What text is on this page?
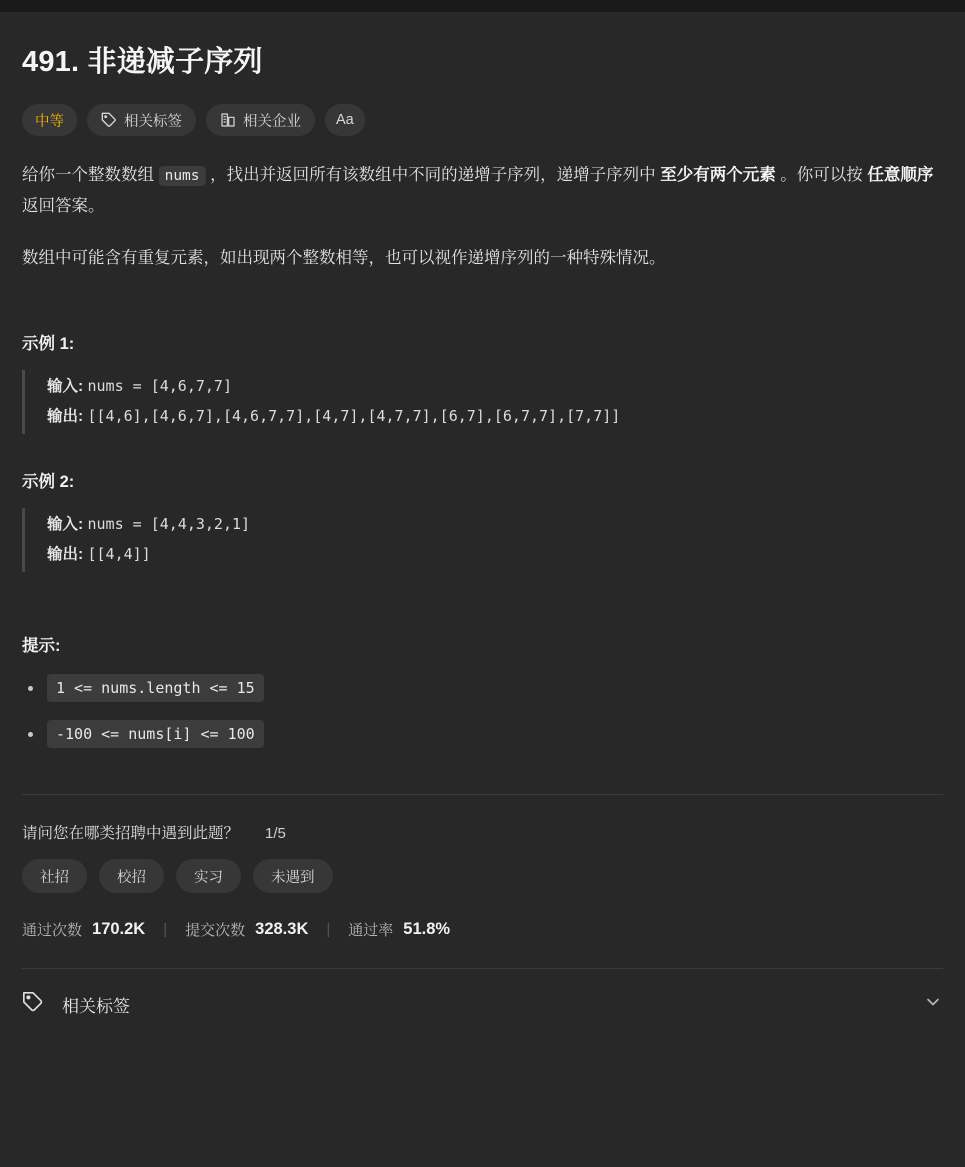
491. 非递减子序列
中等	相关标签	相关企业 Aa

给你一个整数数组 nums ，找出并返回所有该数组中不同的递增子序列，递增子序列中 至少有两个元素 。你可以按 任意顺序 返回答案。

数组中可能含有重复元素，如出现两个整数相等，也可以视作递增序列的一种特殊情况。

示例 1:
输入: nums = [4,6,7,7]
输出: [[4,6],[4,6,7],[4,6,7,7],[4,7],[4,7,7],[6,7],[6,7,7],[7,7]]
示例 2:
输入: nums = [4,4,3,2,1]
输出: [[4,4]]
提示:
1 <= nums.length <= 15
-100 <= nums[i] <= 100
请问您在哪类招聘中遇到此题？ 1/5
社招	校招	实习	未遇到
通过次数 170.2K | 提交次数 328.3K | 通过率 51.8%
相关标签
